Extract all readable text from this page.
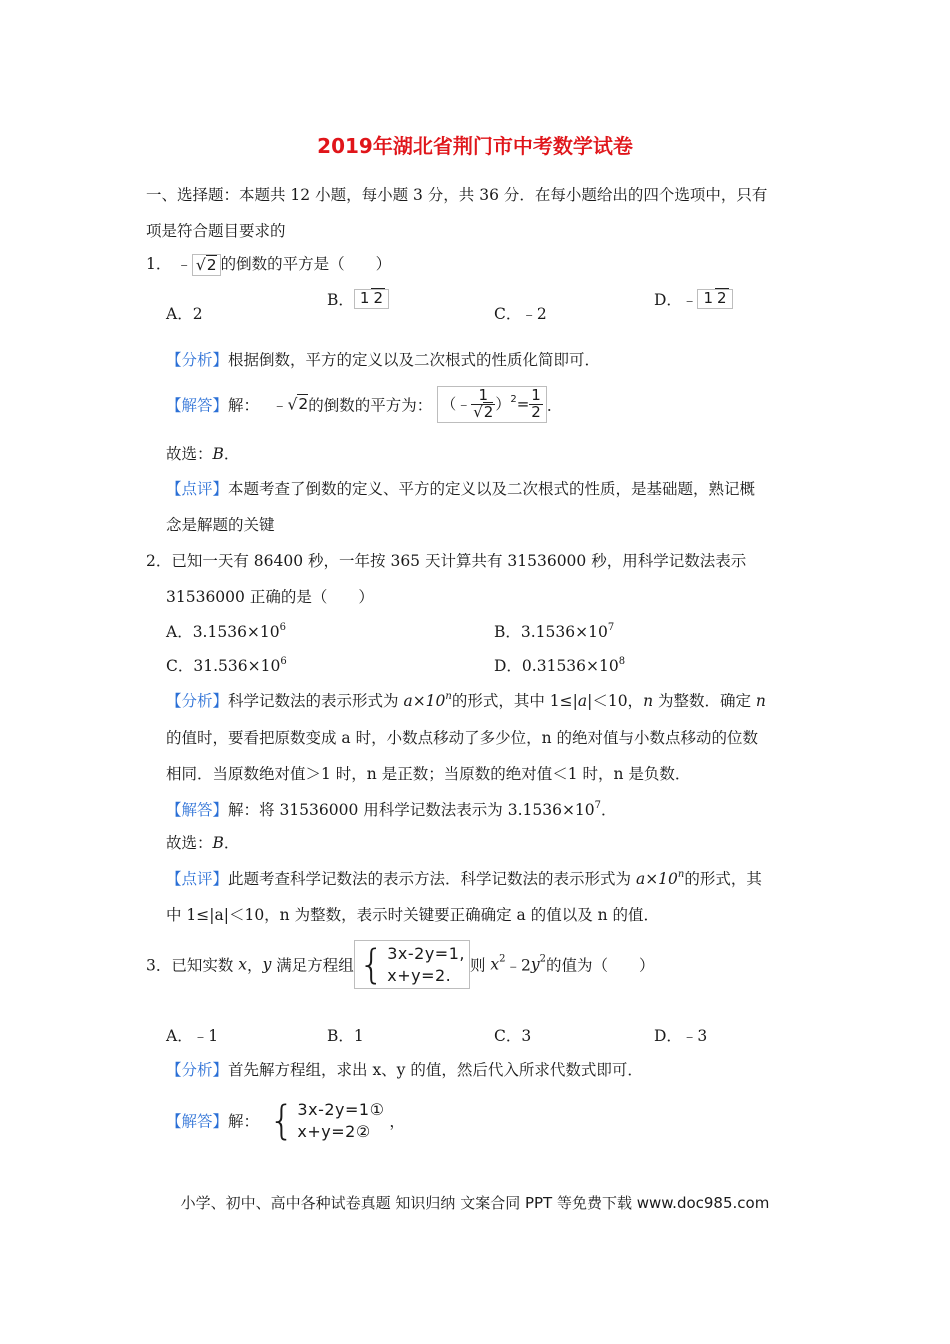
2019年湖北省荆门市中考数学试卷
一、选择题：本题共 12 小题，每小题 3 分，共 36 分．在每小题给出的四个选项中，只有
项是符合题目要求的
1． ﹣ √2 的倒数的平方是（　　）
A．2
B． 1 2
C．﹣2
D．﹣ 1 2
【分析】根据倒数，平方的定义以及二次根式的性质化简即可．
【解答】解： ﹣√2的倒数的平方为： （﹣ $\frac{1}{√2} )^2= \frac{1}{2}$ ．
故选：B．
【点评】本题考查了倒数的定义、平方的定义以及二次根式的性质，是基础题，熟记概
念是解题的关键
2．已知一天有 86400 秒，一年按 365 天计算共有 31536000 秒，用科学记数法表示
31536000 正确的是（　　）
A．$3.1536\times 10^6$	B．$3.1536\times 10^7$
C．$31.536\times 10^6$	D．$0.31536\times 10^8$
【分析】科学记数法的表示形式为 $a\times 10^n$的形式，其中 1≤|a|＜10，n 为整数．确定 n
的值时，要看把原数变成 a 时，小数点移动了多少位，n 的绝对值与小数点移动的位数
相同．当原数绝对值＞1 时，n 是正数；当原数的绝对值＜1 时，n 是负数．
【解答】解：将 31536000 用科学记数法表示为 $3.1536\times 10^7$．
故选：B．
【点评】此题考查科学记数法的表示方法．科学记数法的表示形式为 $a\times 10^n$的形式，其
中 1≤|a|＜10，n 为整数，表示时关键要正确确定 a 的值以及 n 的值．
3．已知实数 x，y 满足方程组 { 3x-2y=1,
x+y=2.	则 $x^2﹣2y^2$的值为（　　）
A．﹣1	B．1	C．3	D．﹣3
【分析】首先解方程组，求出 x、y 的值，然后代入所求代数式即可．
【解答】解： { 3x-2y=1①
x+y=2②	，
小学、初中、高中各种试卷真题 知识归纳 文案合同 PPT 等免费下载 www.doc985.com
